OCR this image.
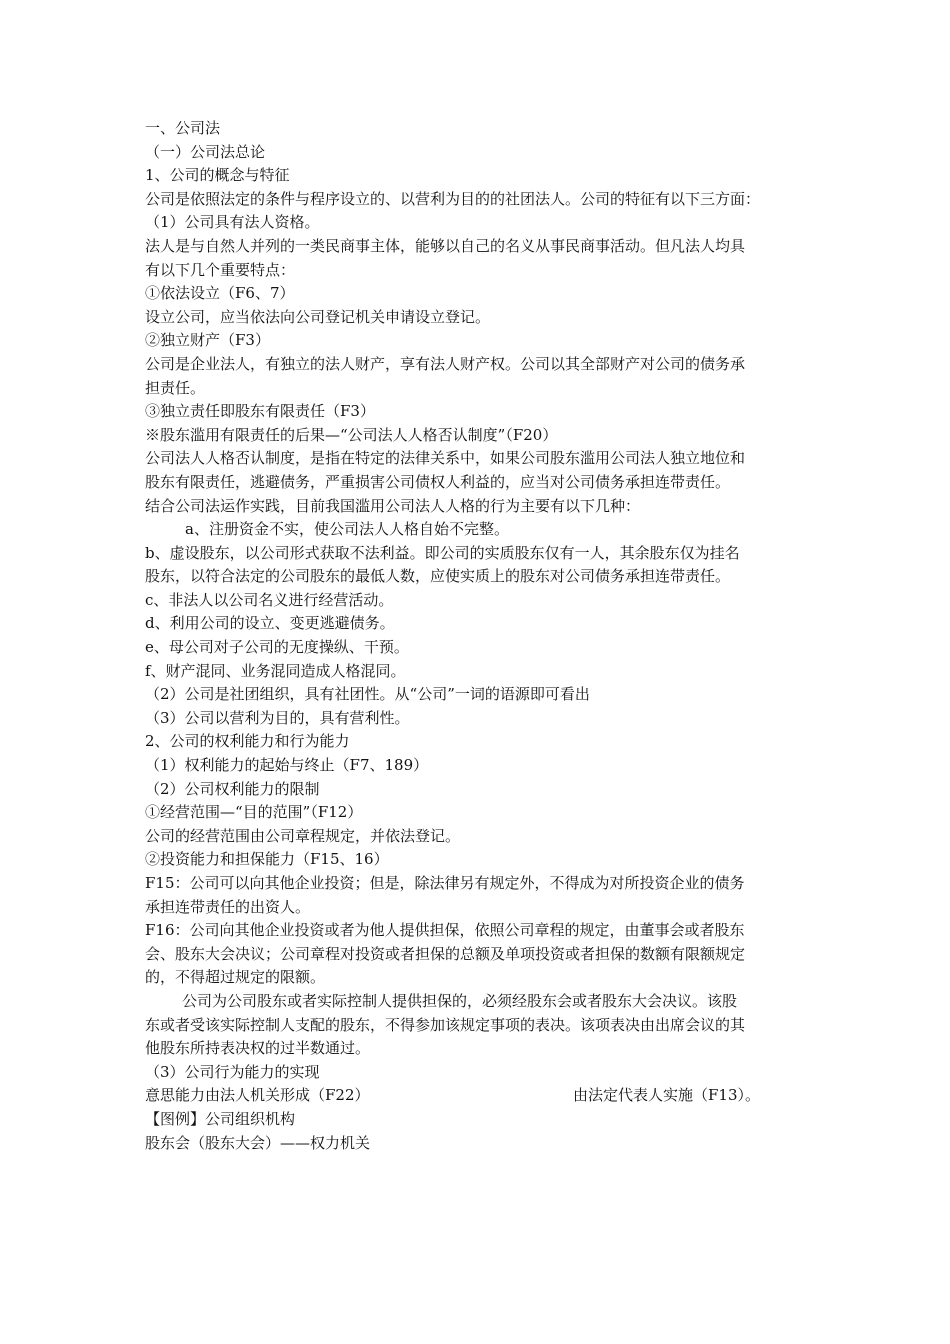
一、公司法
（一）公司法总论
1、公司的概念与特征
公司是依照法定的条件与程序设立的、以营利为目的的社团法人。公司的特征有以下三方面：
（1）公司具有法人资格。
法人是与自然人并列的一类民商事主体，能够以自己的名义从事民商事活动。但凡法人均具
有以下几个重要特点：
①依法设立（F6、7）
设立公司，应当依法向公司登记机关申请设立登记。
②独立财产（F3）
公司是企业法人，有独立的法人财产，享有法人财产权。公司以其全部财产对公司的债务承
担责任。
③独立责任即股东有限责任（F3）
※股东滥用有限责任的后果—“公司法人人格否认制度”（F20）
公司法人人格否认制度，是指在特定的法律关系中，如果公司股东滥用公司法人独立地位和
股东有限责任，逃避债务，严重损害公司债权人利益的，应当对公司债务承担连带责任。
结合公司法运作实践，目前我国滥用公司法人人格的行为主要有以下几种：
a、注册资金不实，使公司法人人格自始不完整。
b、虚设股东，以公司形式获取不法利益。即公司的实质股东仅有一人，其余股东仅为挂名
股东，以符合法定的公司股东的最低人数，应使实质上的股东对公司债务承担连带责任。
c、非法人以公司名义进行经营活动。
d、利用公司的设立、变更逃避债务。
e、母公司对子公司的无度操纵、干预。
f、财产混同、业务混同造成人格混同。
（2）公司是社团组织，具有社团性。从“公司”一词的语源即可看出
（3）公司以营利为目的，具有营利性。
2、公司的权利能力和行为能力
（1）权利能力的起始与终止（F7、189）
（2）公司权利能力的限制
①经营范围—“目的范围”（F12）
公司的经营范围由公司章程规定，并依法登记。
②投资能力和担保能力（F15、16）
F15：公司可以向其他企业投资；但是，除法律另有规定外，不得成为对所投资企业的债务
承担连带责任的出资人。
F16：公司向其他企业投资或者为他人提供担保，依照公司章程的规定，由董事会或者股东
会、股东大会决议；公司章程对投资或者担保的总额及单项投资或者担保的数额有限额规定
的，不得超过规定的限额。
公司为公司股东或者实际控制人提供担保的，必须经股东会或者股东大会决议。该股
东或者受该实际控制人支配的股东，不得参加该规定事项的表决。该项表决由出席会议的其
他股东所持表决权的过半数通过。
（3）公司行为能力的实现
意思能力由法人机关形成（F22）	由法定代表人实施（F13）。
【图例】公司组织机构
股东会（股东大会）——权力机关
